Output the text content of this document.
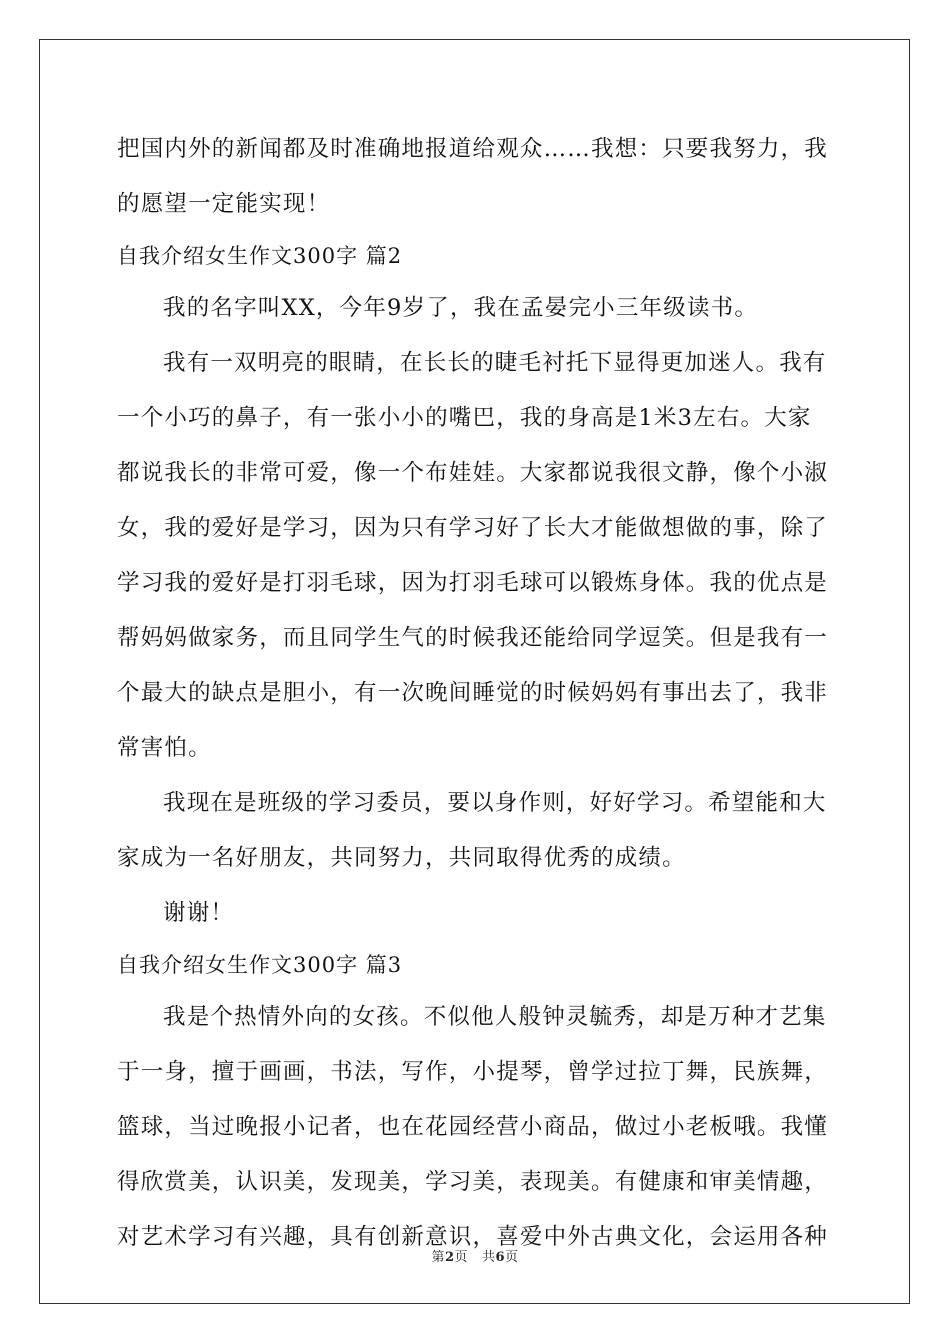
把国内外的新闻都及时准确地报道给观众……我想：只要我努力，我
的愿望一定能实现！
自我介绍女生作文300字 篇2
我的名字叫XX，今年9岁了，我在孟晏完小三年级读书。
我有一双明亮的眼睛，在长长的睫毛衬托下显得更加迷人。我有
一个小巧的鼻子，有一张小小的嘴巴，我的身高是1米3左右。大家
都说我长的非常可爱，像一个布娃娃。大家都说我很文静，像个小淑
女，我的爱好是学习，因为只有学习好了长大才能做想做的事，除了
学习我的爱好是打羽毛球，因为打羽毛球可以锻炼身体。我的优点是
帮妈妈做家务，而且同学生气的时候我还能给同学逗笑。但是我有一
个最大的缺点是胆小，有一次晚间睡觉的时候妈妈有事出去了，我非
常害怕。
我现在是班级的学习委员，要以身作则，好好学习。希望能和大
家成为一名好朋友，共同努力，共同取得优秀的成绩。
谢谢！
自我介绍女生作文300字 篇3
我是个热情外向的女孩。不似他人般钟灵毓秀，却是万种才艺集
于一身，擅于画画，书法，写作，小提琴，曾学过拉丁舞，民族舞，
篮球，当过晚报小记者，也在花园经营小商品，做过小老板哦。我懂
得欣赏美，认识美，发现美，学习美，表现美。有健康和审美情趣，
对艺术学习有兴趣，具有创新意识，喜爱中外古典文化，会运用各种
第2页 共6页
